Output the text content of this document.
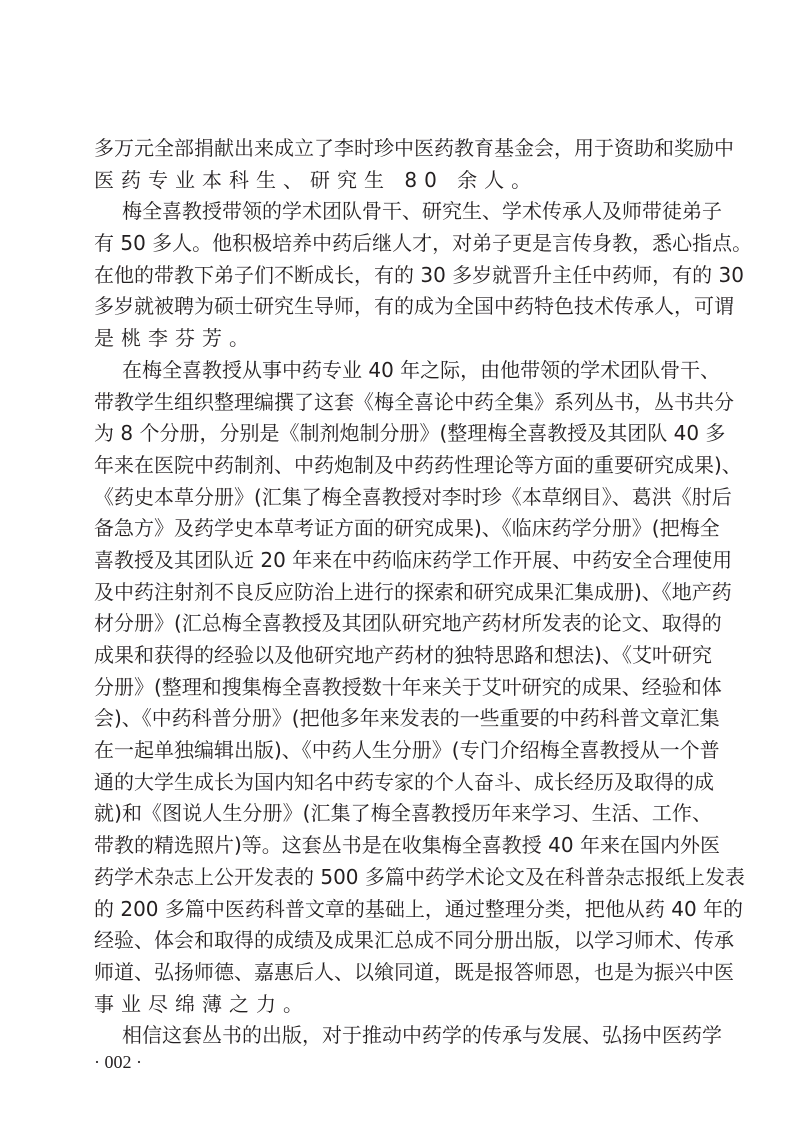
多万元全部捐献出来成立了李时珍中医药教育基金会，用于资助和奖励中
医药专业本科生、研究生 80 余人。
梅全喜教授带领的学术团队骨干、研究生、学术传承人及师带徒弟子
有 50 多人。他积极培养中药后继人才，对弟子更是言传身教，悉心指点。
在他的带教下弟子们不断成长，有的 30 多岁就晋升主任中药师，有的 30
多岁就被聘为硕士研究生导师，有的成为全国中药特色技术传承人，可谓
是桃李芬芳。
在梅全喜教授从事中药专业 40 年之际，由他带领的学术团队骨干、
带教学生组织整理编撰了这套《梅全喜论中药全集》系列丛书，丛书共分
为 8 个分册，分别是《制剂炮制分册》(整理梅全喜教授及其团队 40 多
年来在医院中药制剂、中药炮制及中药药性理论等方面的重要研究成果)、
《药史本草分册》(汇集了梅全喜教授对李时珍《本草纲目》、葛洪《肘后
备急方》及药学史本草考证方面的研究成果)、《临床药学分册》(把梅全
喜教授及其团队近 20 年来在中药临床药学工作开展、中药安全合理使用
及中药注射剂不良反应防治上进行的探索和研究成果汇集成册)、《地产药
材分册》(汇总梅全喜教授及其团队研究地产药材所发表的论文、取得的
成果和获得的经验以及他研究地产药材的独特思路和想法)、《艾叶研究
分册》(整理和搜集梅全喜教授数十年来关于艾叶研究的成果、经验和体
会)、《中药科普分册》(把他多年来发表的一些重要的中药科普文章汇集
在一起单独编辑出版)、《中药人生分册》(专门介绍梅全喜教授从一个普
通的大学生成长为国内知名中药专家的个人奋斗、成长经历及取得的成
就)和《图说人生分册》(汇集了梅全喜教授历年来学习、生活、工作、
带教的精选照片)等。这套丛书是在收集梅全喜教授 40 年来在国内外医
药学术杂志上公开发表的 500 多篇中药学术论文及在科普杂志报纸上发表
的 200 多篇中医药科普文章的基础上，通过整理分类，把他从药 40 年的
经验、体会和取得的成绩及成果汇总成不同分册出版，以学习师术、传承
师道、弘扬师德、嘉惠后人、以飨同道，既是报答师恩，也是为振兴中医
事业尽绵薄之力。
相信这套丛书的出版，对于推动中药学的传承与发展、弘扬中医药学
· 002 ·
